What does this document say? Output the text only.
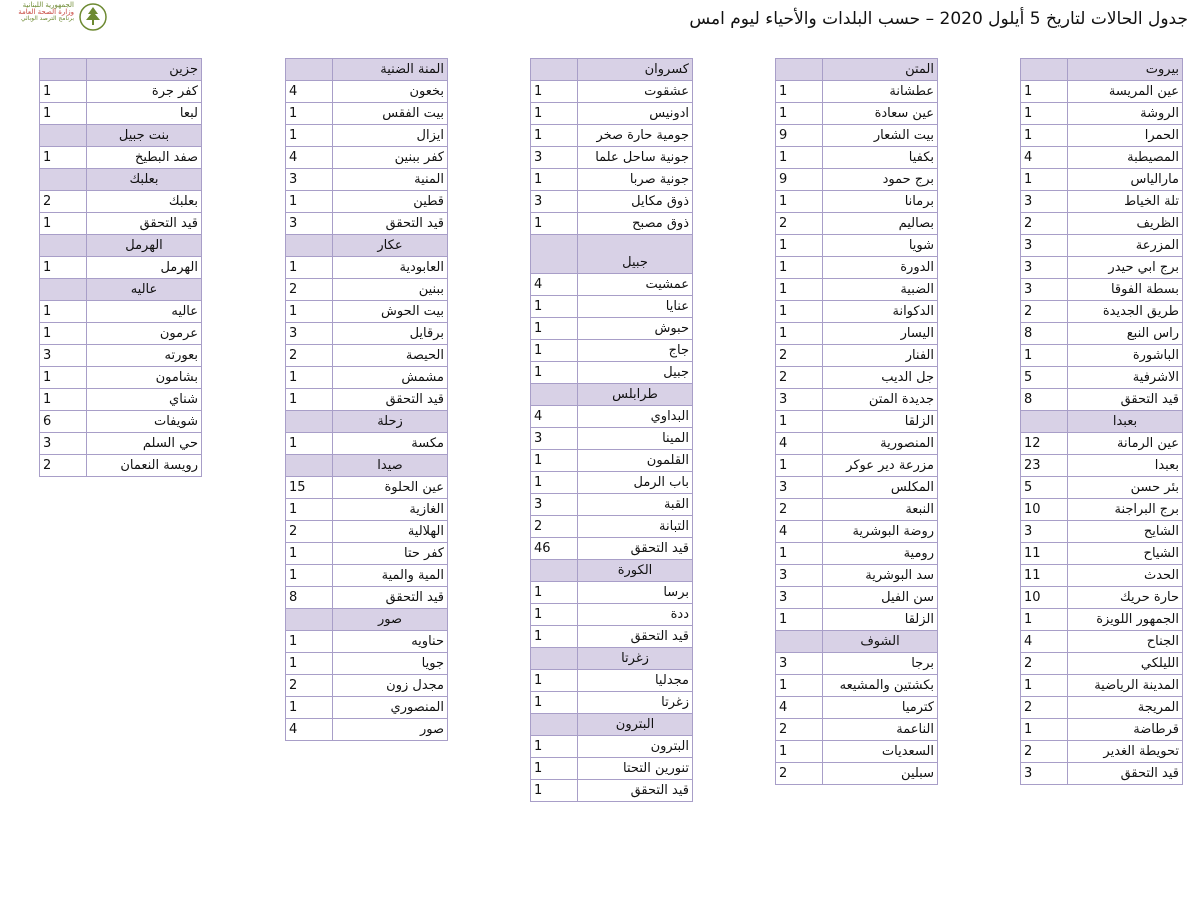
الجمهورية اللبنانية
وزارة الصحة العامة
برنامج الترصد الوبائي	جدول الحالات لتاريخ 5 أيلول 2020 – حسب البلدات والأحياء ليوم امس
بيروت	
عين المريسة	1
الروشة	1
الحمرا	1
المصيطبة	4
مارالياس	1
تلة الخياط	3
الظريف	2
المزرعة	3
برج ابي حيدر	3
بسطة الفوقا	3
طريق الجديدة	2
راس النبع	8
الباشورة	1
الاشرفية	5
قيد التحقق	8
بعبدا	
عين الرمانة	12
بعبدا	23
بئر حسن	5
برج البراجنة	10
الشايح	3
الشياح	11
الحدث	11
حارة حريك	10
الجمهور اللويزة	1
الجناح	4
الليلكي	2
المدينة الرياضية	1
المريجة	2
قرطاضة	1
تحويطة الغدير	2
قيد التحقق	3
المتن	
عطشانة	1
عين سعادة	1
بيت الشعار	9
بكفيا	1
برج حمود	9
برمانا	1
بصاليم	2
شويا	1
الدورة	1
الضبية	1
الدكوانة	1
اليسار	1
الفنار	2
جل الديب	2
جديدة المتن	3
الزلقا	1
المنصورية	4
مزرعة دير عوكر	1
المكلس	3
النبعة	2
روضة البوشرية	4
رومية	1
سد البوشرية	3
سن الفيل	3
الزلقا	1
الشوف	
برجا	3
بكشتين والمشيعه	1
كترميا	4
الناعمة	2
السعديات	1
سبلين	2
كسروان	
عشقوت	1
ادونيس	1
جومية حارة صخر	1
جونية ساحل علما	3
جونية صربا	1
ذوق مكايل	3
ذوق مصبح	1
جبيل	
عمشيت	4
عنايا	1
حبوش	1
جاج	1
جبيل	1
طرابلس	
البداوي	4
المينا	3
القلمون	1
باب الرمل	1
القبة	3
التبانة	2
قيد التحقق	46
الكورة	
برسا	1
ددة	1
قيد التحقق	1
زغرتا	
مجدليا	1
زغرتا	1
البترون	
البترون	1
تنورين التحتا	1
قيد التحقق	1
المنة الضنية	
بخعون	4
بيت الفقس	1
ايزال	1
كفر ببنين	4
المنية	3
قطين	1
قيد التحقق	3
عكار	
العابودية	1
ببنين	2
بيت الحوش	1
برقايل	3
الحيصة	2
مشمش	1
قيد التحقق	1
زحلة	
مكسة	1
صيدا	
عين الحلوة	15
الغازية	1
الهلالية	2
كفر حتا	1
المية والمية	1
قيد التحقق	8
صور	
حناويه	1
جويا	1
مجدل زون	2
المنصوري	1
صور	4
جزين	
كفر جرة	1
لبعا	1
بنت جبيل	
صفد البطيخ	1
بعلبك	
بعلبك	2
قيد التحقق	1
الهرمل	
الهرمل	1
عاليه	
عاليه	1
عرمون	1
بعورته	3
بشامون	1
شناي	1
شويفات	6
حي السلم	3
رويسة النعمان	2
